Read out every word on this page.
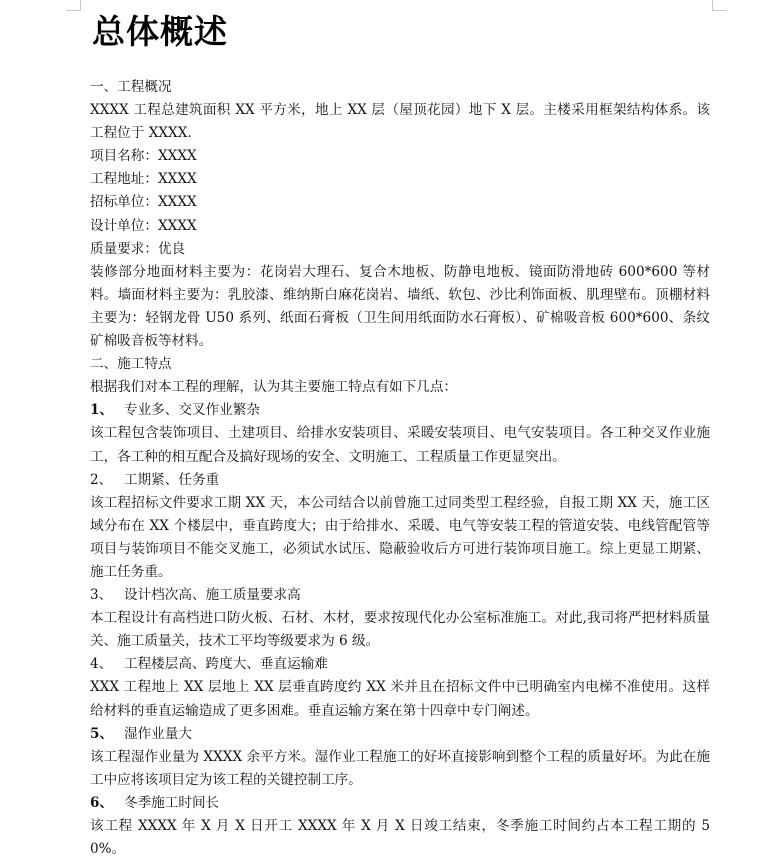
总体概述

一、工程概况

XXXX 工程总建筑面积 XX 平方米，地上 XX 层（屋顶花园）地下 X 层。主楼采用框架结构体系。该工程位于 XXXX.

项目名称：XXXX

工程地址：XXXX

招标单位：XXXX

设计单位：XXXX

质量要求：优良

装修部分地面材料主要为：花岗岩大理石、复合木地板、防静电地板、镜面防滑地砖 600*600 等材料。墙面材料主要为：乳胶漆、维纳斯白麻花岗岩、墙纸、软包、沙比利饰面板、肌理壁布。顶棚材料主要为：轻钢龙骨 U50 系列、纸面石膏板（卫生间用纸面防水石膏板）、矿棉吸音板 600*600、条纹矿棉吸音板等材料。

二、施工特点

根据我们对本工程的理解，认为其主要施工特点有如下几点：

1、 专业多、交叉作业繁杂

该工程包含装饰项目、土建项目、给排水安装项目、采暖安装项目、电气安装项目。各工种交叉作业施工，各工种的相互配合及搞好现场的安全、文明施工、工程质量工作更显突出。

2、 工期紧、任务重

该工程招标文件要求工期 XX 天，本公司结合以前曾施工过同类型工程经验，自报工期 XX 天，施工区域分布在 XX 个楼层中，垂直跨度大；由于给排水、采暖、电气等安装工程的管道安装、电线管配管等项目与装饰项目不能交叉施工，必须试水试压、隐蔽验收后方可进行装饰项目施工。综上更显工期紧、施工任务重。

3、 设计档次高、施工质量要求高

本工程设计有高档进口防火板、石材、木材，要求按现代化办公室标准施工。对此,我司将严把材料质量关、施工质量关，技术工平均等级要求为 6 级。

4、 工程楼层高、跨度大、垂直运输难

XXX 工程地上 XX 层地上 XX 层垂直跨度约 XX 米并且在招标文件中已明确室内电梯不准使用。这样给材料的垂直运输造成了更多困难。垂直运输方案在第十四章中专门阐述。

5、 湿作业量大

该工程湿作业量为 XXXX 余平方米。湿作业工程施工的好坏直接影响到整个工程的质量好坏。为此在施工中应将该项目定为该工程的关键控制工序。

6、 冬季施工时间长

该工程 XXXX 年 X 月 X 日开工 XXXX 年 X 月 X 日竣工结束，冬季施工时间约占本工程工期的 50%。
